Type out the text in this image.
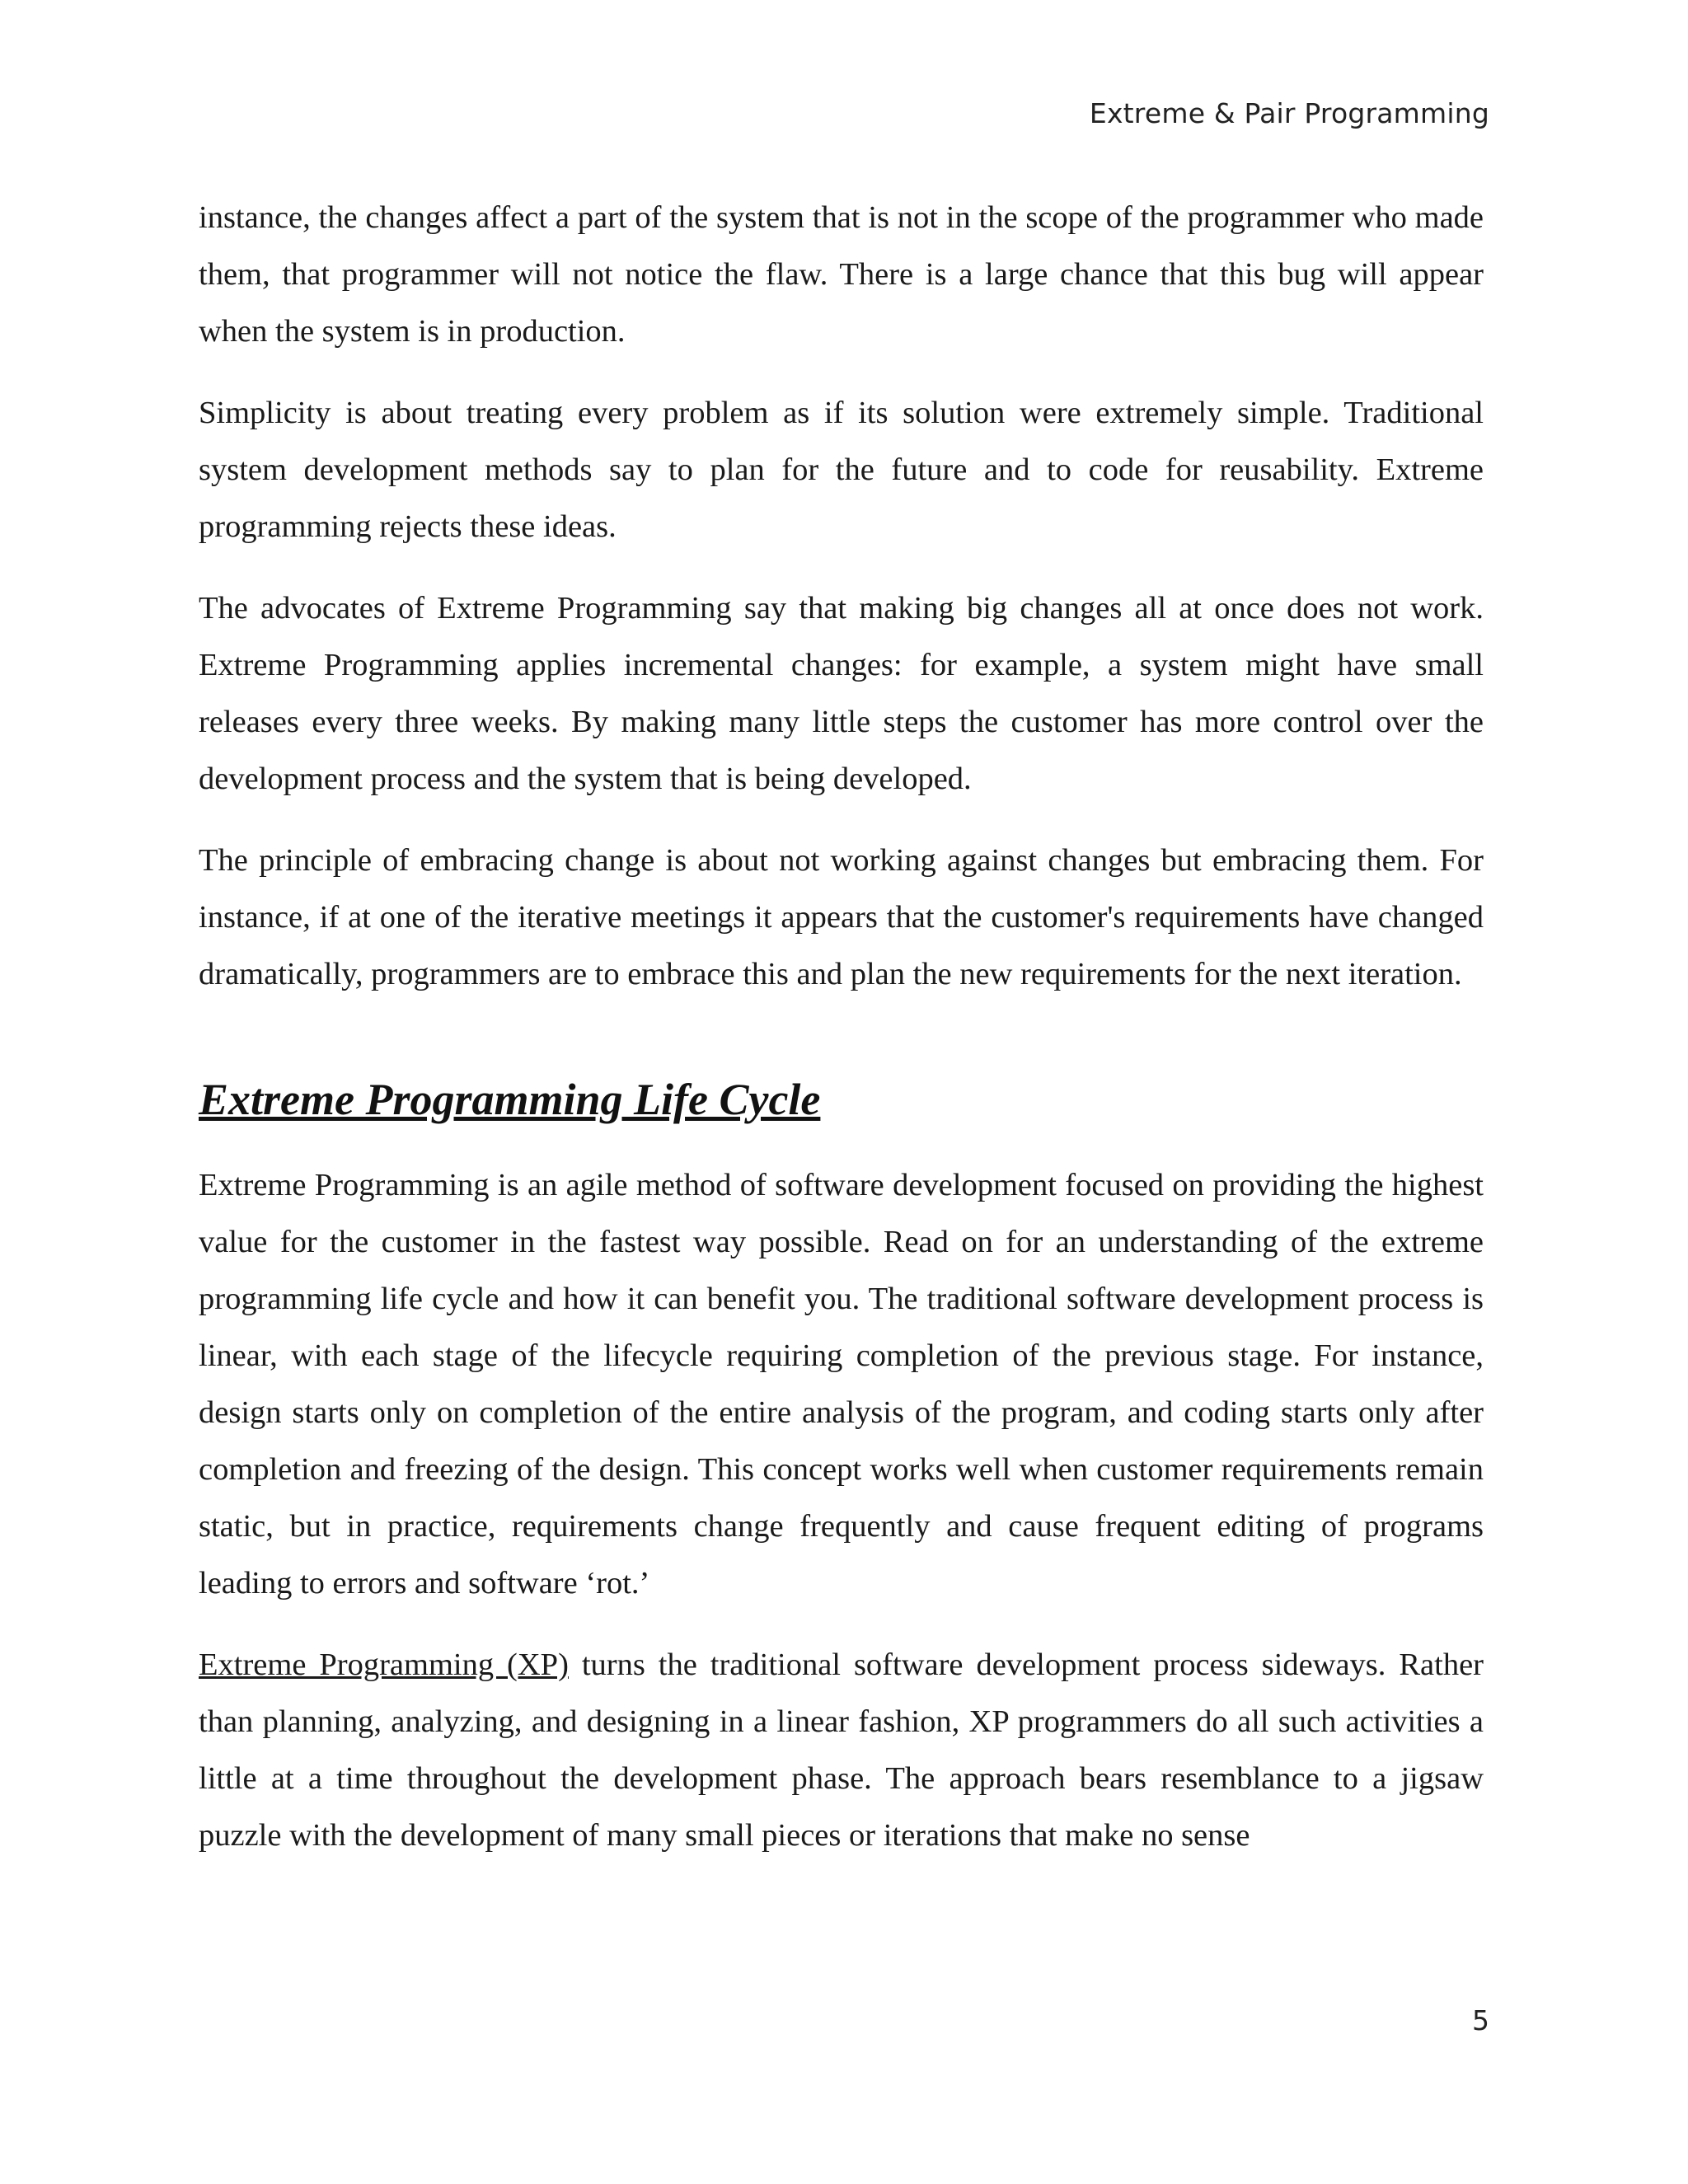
Extreme & Pair Programming

instance, the changes affect a part of the system that is not in the scope of the programmer who made them, that programmer will not notice the flaw. There is a large chance that this bug will appear when the system is in production.

Simplicity is about treating every problem as if its solution were extremely simple. Traditional system development methods say to plan for the future and to code for reusability. Extreme programming rejects these ideas.

The advocates of Extreme Programming say that making big changes all at once does not work. Extreme Programming applies incremental changes: for example, a system might have small releases every three weeks. By making many little steps the customer has more control over the development process and the system that is being developed.

The principle of embracing change is about not working against changes but embracing them. For instance, if at one of the iterative meetings it appears that the customer's requirements have changed dramatically, programmers are to embrace this and plan the new requirements for the next iteration.

Extreme Programming Life Cycle

Extreme Programming is an agile method of software development focused on providing the highest value for the customer in the fastest way possible. Read on for an understanding of the extreme programming life cycle and how it can benefit you. The traditional software development process is linear, with each stage of the lifecycle requiring completion of the previous stage. For instance, design starts only on completion of the entire analysis of the program, and coding starts only after completion and freezing of the design. This concept works well when customer requirements remain static, but in practice, requirements change frequently and cause frequent editing of programs leading to errors and software ‘rot.’

Extreme Programming (XP) turns the traditional software development process sideways. Rather than planning, analyzing, and designing in a linear fashion, XP programmers do all such activities a little at a time throughout the development phase. The approach bears resemblance to a jigsaw puzzle with the development of many small pieces or iterations that make no sense

5
